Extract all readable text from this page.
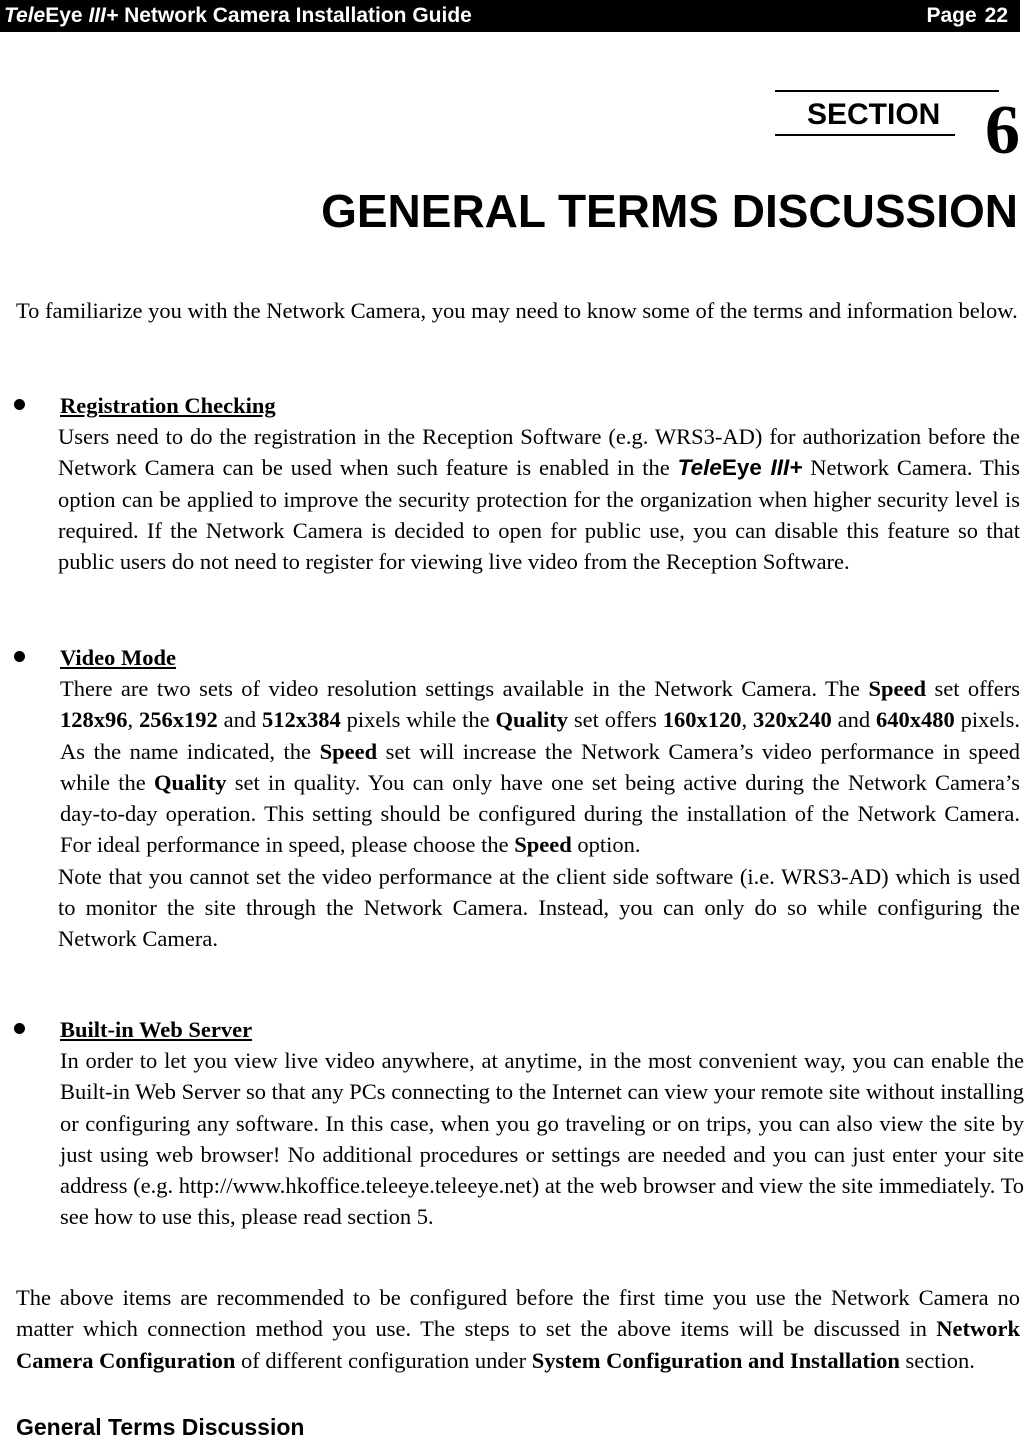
TeleEye III+ Network Camera Installation Guide	Page 22
SECTION 6
GENERAL TERMS DISCUSSION

To familiarize you with the Network Camera, you may need to know some of the terms and information below.

Registration Checking

Users need to do the registration in the Reception Software (e.g. WRS3-AD) for authorization before the Network Camera can be used when such feature is enabled in the TeleEye III+ Network Camera. This option can be applied to improve the security protection for the organization when higher security level is required. If the Network Camera is decided to open for public use, you can disable this feature so that public users do not need to register for viewing live video from the Reception Software.

Video Mode

There are two sets of video resolution settings available in the Network Camera. The Speed set offers 128x96, 256x192 and 512x384 pixels while the Quality set offers 160x120, 320x240 and 640x480 pixels. As the name indicated, the Speed set will increase the Network Camera’s video performance in speed while the Quality set in quality. You can only have one set being active during the Network Camera’s day-to-day operation. This setting should be configured during the installation of the Network Camera. For ideal performance in speed, please choose the Speed option.

Note that you cannot set the video performance at the client side software (i.e. WRS3-AD) which is used to monitor the site through the Network Camera. Instead, you can only do so while configuring the Network Camera.

Built-in Web Server

In order to let you view live video anywhere, at anytime, in the most convenient way, you can enable the Built-in Web Server so that any PCs connecting to the Internet can view your remote site without installing or configuring any software. In this case, when you go traveling or on trips, you can also view the site by just using web browser! No additional procedures or settings are needed and you can just enter your site address (e.g. http://www.hkoffice.teleeye.teleeye.net) at the web browser and view the site immediately. To see how to use this, please read section 5.

The above items are recommended to be configured before the first time you use the Network Camera no matter which connection method you use. The steps to set the above items will be discussed in Network Camera Configuration of different configuration under System Configuration and Installation section.

General Terms Discussion
